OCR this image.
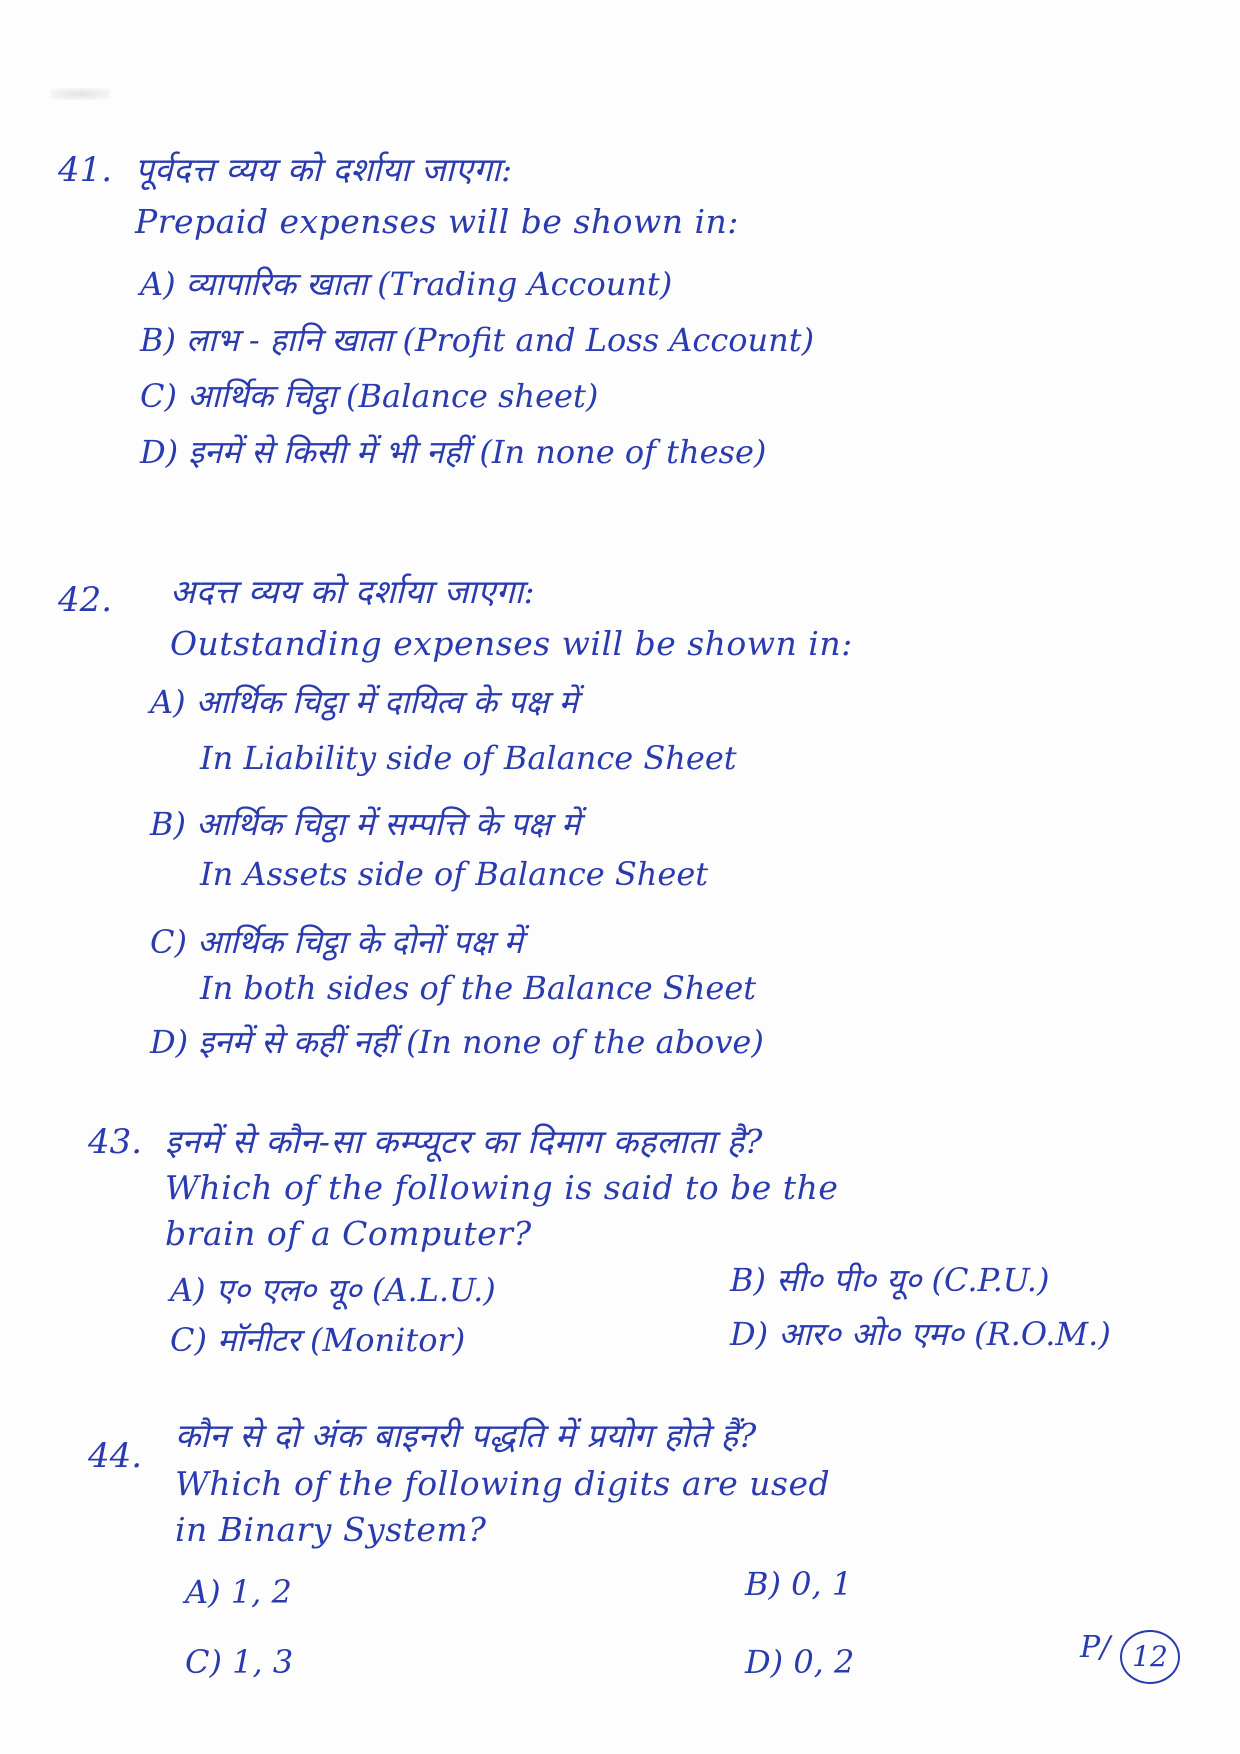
41. पूर्वदत्त व्यय को दर्शाया जाएगा:
Prepaid expenses will be shown in:
A) व्यापारिक खाता (Trading Account)
B) लाभ - हानि खाता (Profit and Loss Account)
C) आर्थिक चिट्ठा (Balance sheet)
D) इनमें से किसी में भी नहीं (In none of these)
42. अदत्त व्यय को दर्शाया जाएगा:
Outstanding expenses will be shown in:
A) आर्थिक चिट्ठा में दायित्व के पक्ष में
In Liability side of Balance Sheet
B) आर्थिक चिट्ठा में सम्पत्ति के पक्ष में
In Assets side of Balance Sheet
C) आर्थिक चिट्ठा के दोनों पक्ष में
In both sides of the Balance Sheet
D) इनमें से कहीं नहीं (In none of the above)
43. इनमें से कौन-सा कम्प्यूटर का दिमाग कहलाता है?
Which of the following is said to be the
brain of a Computer?
A) ए० एल० यू० (A.L.U.)	B) सी० पी० यू० (C.P.U.)
C) मॉनीटर (Monitor)	D) आर० ओ० एम० (R.O.M.)
44.
कौन से दो अंक बाइनरी पद्धति में प्रयोग होते हैं?
Which of the following digits are used
in Binary System?
A) 1, 2	B) 0, 1
C) 1, 3	D) 0, 2	P/ 12
